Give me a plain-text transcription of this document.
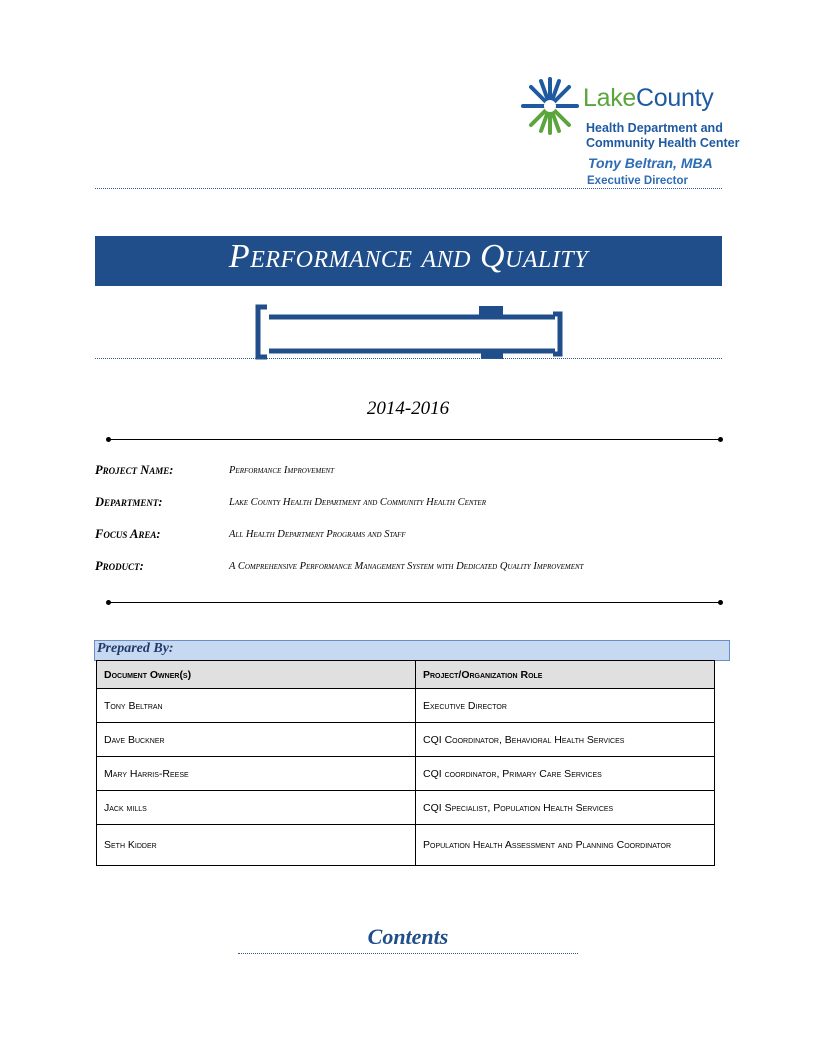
LakeCounty
Health Department and
Community Health Center
Tony Beltran, MBA
Executive Director
Performance and Quality
2014-2016
Project Name:	Performance Improvement
Department:	Lake County Health Department and Community Health Center
Focus Area:	All Health Department Programs and Staff
Product:	A Comprehensive Performance Management System with Dedicated Quality Improvement
Prepared By:
Document Owner(s)	Project/Organization Role
Tony Beltran	Executive Director
Dave Buckner	CQI Coordinator, Behavioral Health Services
Mary Harris-Reese	CQI coordinator, Primary Care Services
Jack mills	CQI Specialist, Population Health Services
Seth Kidder	Population Health Assessment and Planning Coordinator
Contents
